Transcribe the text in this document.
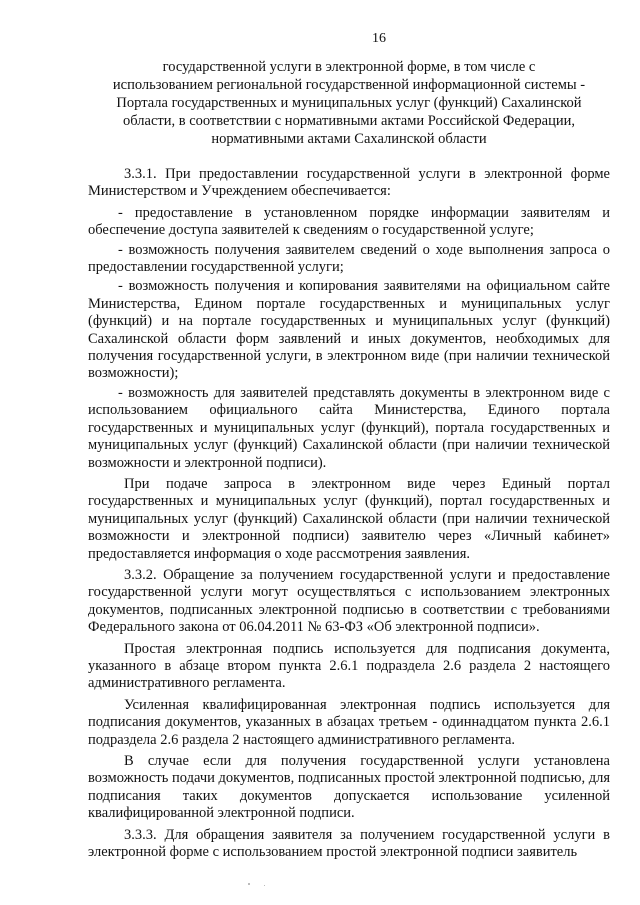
16
государственной услуги в электронной форме, в том числе с
использованием региональной государственной информационной системы -
Портала государственных и муниципальных услуг (функций) Сахалинской
области, в соответствии с нормативными актами Российской Федерации,
нормативными актами Сахалинской области

3.3.1. При предоставлении государственной услуги в электронной форме Министерством и Учреждением обеспечивается:

- предоставление в установленном порядке информации заявителям и обеспечение доступа заявителей к сведениям о государственной услуге;

- возможность получения заявителем сведений о ходе выполнения запроса о предоставлении государственной услуги;

- возможность получения и копирования заявителями на официальном сайте Министерства, Едином портале государственных и муниципальных услуг (функций) и на портале государственных и муниципальных услуг (функций) Сахалинской области форм заявлений и иных документов, необходимых для получения государственной услуги, в электронном виде (при наличии технической возможности);

- возможность для заявителей представлять документы в электронном виде с использованием официального сайта Министерства, Единого портала государственных и муниципальных услуг (функций), портала государственных и муниципальных услуг (функций) Сахалинской области (при наличии технической возможности и электронной подписи).

При подаче запроса в электронном виде через Единый портал государственных и муниципальных услуг (функций), портал государственных и муниципальных услуг (функций) Сахалинской области (при наличии технической возможности и электронной подписи) заявителю через «Личный кабинет» предоставляется информация о ходе рассмотрения заявления.

3.3.2. Обращение за получением государственной услуги и предоставление государственной услуги могут осуществляться с использованием электронных документов, подписанных электронной подписью в соответствии с требованиями Федерального закона от 06.04.2011 № 63-ФЗ «Об электронной подписи».

Простая электронная подпись используется для подписания документа, указанного в абзаце втором пункта 2.6.1 подраздела 2.6 раздела 2 настоящего административного регламента.

Усиленная квалифицированная электронная подпись используется для подписания документов, указанных в абзацах третьем - одиннадцатом пункта 2.6.1 подраздела 2.6 раздела 2 настоящего административного регламента.

В случае если для получения государственной услуги установлена возможность подачи документов, подписанных простой электронной подписью, для подписания таких документов допускается использование усиленной квалифицированной электронной подписи.

3.3.3. Для обращения заявителя за получением государственной услуги в электронной форме с использованием простой электронной подписи заявитель
